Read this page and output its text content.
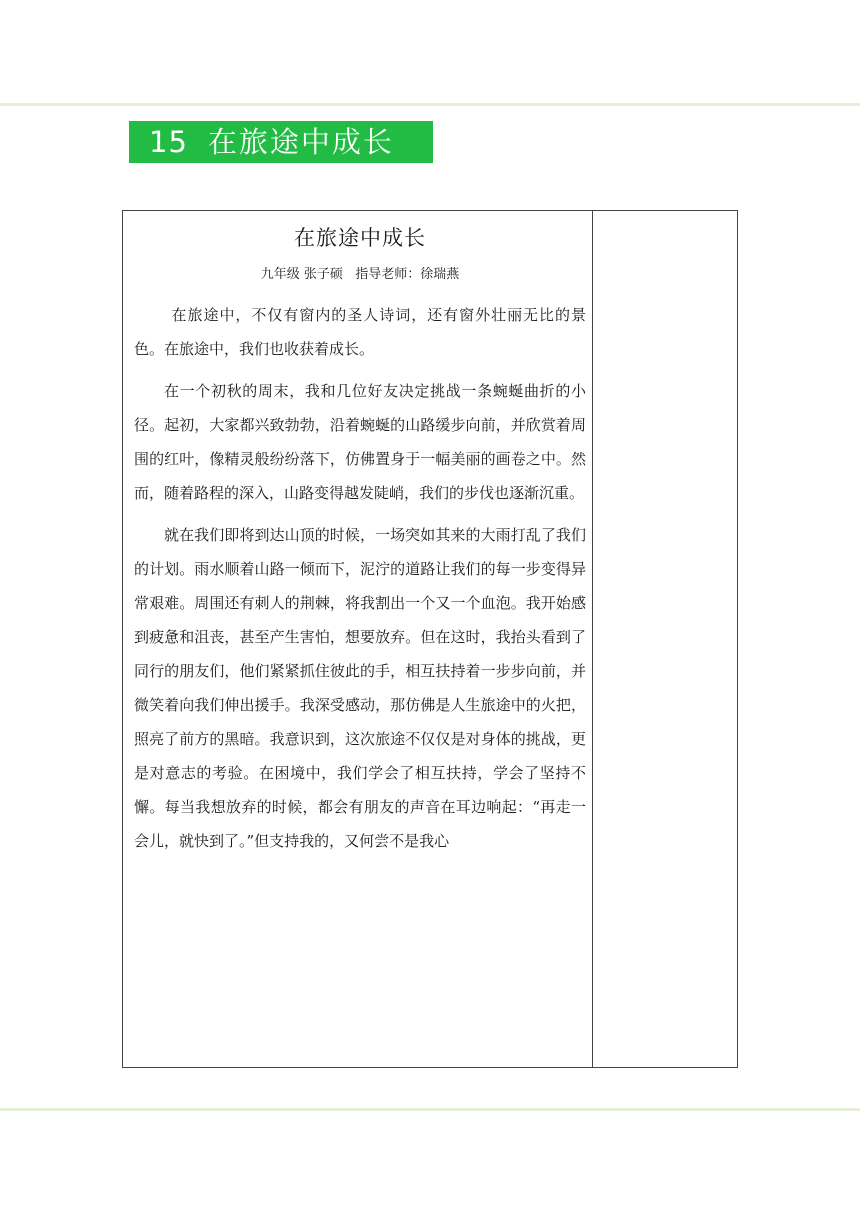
15 在旅途中成长
在旅途中成长
九年级 张子硕   指导老师：徐瑞燕

在旅途中，不仅有窗内的圣人诗词，还有窗外壮丽无比的景色。在旅途中，我们也收获着成长。

在一个初秋的周末，我和几位好友决定挑战一条蜿蜒曲折的小径。起初，大家都兴致勃勃，沿着蜿蜒的山路缓步向前，并欣赏着周围的红叶，像精灵般纷纷落下，仿佛置身于一幅美丽的画卷之中。然而，随着路程的深入，山路变得越发陡峭，我们的步伐也逐渐沉重。

就在我们即将到达山顶的时候，一场突如其来的大雨打乱了我们的计划。雨水顺着山路一倾而下，泥泞的道路让我们的每一步变得异常艰难。周围还有刺人的荆棘，将我割出一个又一个血泡。我开始感到疲惫和沮丧，甚至产生害怕，想要放弃。但在这时，我抬头看到了同行的朋友们，他们紧紧抓住彼此的手，相互扶持着一步步向前，并微笑着向我们伸出援手。我深受感动，那仿佛是人生旅途中的火把，照亮了前方的黑暗。我意识到，这次旅途不仅仅是对身体的挑战，更是对意志的考验。在困境中，我们学会了相互扶持，学会了坚持不懈。每当我想放弃的时候，都会有朋友的声音在耳边响起：“再走一会儿，就快到了。”但支持我的，又何尝不是我心
